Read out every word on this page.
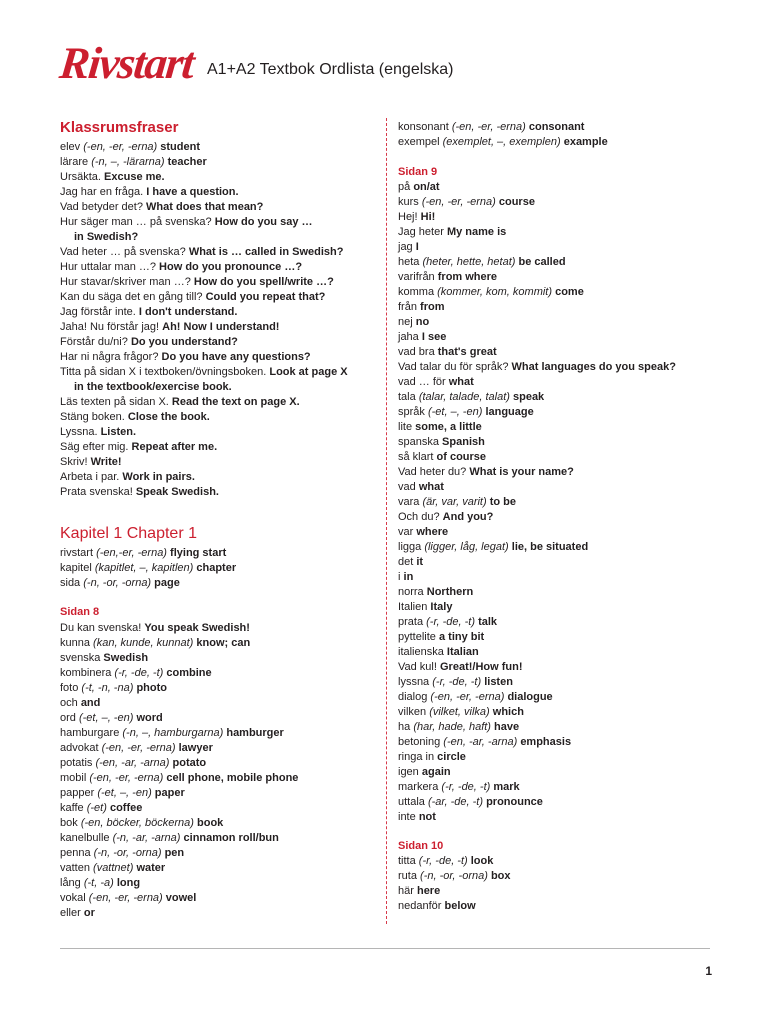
Rivstart A1+A2 Textbok Ordlista (engelska)
Klassrumsfraser
elev (-en, -er, -erna) student
lärare (-n, –, -lärarna) teacher
Ursäkta. Excuse me.
Jag har en fråga. I have a question.
Vad betyder det? What does that mean?
Hur säger man … på svenska? How do you say …
in Swedish?
Vad heter … på svenska? What is … called in Swedish?
Hur uttalar man …? How do you pronounce …?
Hur stavar/skriver man …? How do you spell/write …?
Kan du säga det en gång till? Could you repeat that?
Jag förstår inte. I don't understand.
Jaha! Nu förstår jag! Ah! Now I understand!
Förstår du/ni? Do you understand?
Har ni några frågor? Do you have any questions?
Titta på sidan X i textboken/övningsboken. Look at page X
in the textbook/exercise book.
Läs texten på sidan X. Read the text on page X.
Stäng boken. Close the book.
Lyssna. Listen.
Säg efter mig. Repeat after me.
Skriv! Write!
Arbeta i par. Work in pairs.
Prata svenska! Speak Swedish.
Kapitel 1 Chapter 1
rivstart (-en,-er, -erna) flying start
kapitel (kapitlet, –, kapitlen) chapter
sida (-n, -or, -orna) page
Sidan 8
Du kan svenska! You speak Swedish!
kunna (kan, kunde, kunnat) know; can
svenska Swedish
kombinera (-r, -de, -t) combine
foto (-t, -n, -na) photo
och and
ord (-et, –, -en) word
hamburgare (-n, –, hamburgarna) hamburger
advokat (-en, -er, -erna) lawyer
potatis (-en, -ar, -arna) potato
mobil (-en, -er, -erna) cell phone, mobile phone
papper (-et, –, -en) paper
kaffe (-et) coffee
bok (-en, böcker, böckerna) book
kanelbulle (-n, -ar, -arna) cinnamon roll/bun
penna (-n, -or, -orna) pen
vatten (vattnet) water
lång (-t, -a) long
vokal (-en, -er, -erna) vowel
eller or
konsonant (-en, -er, -erna) consonant
exempel (exemplet, –, exemplen) example
Sidan 9
på on/at
kurs (-en, -er, -erna) course
Hej! Hi!
Jag heter My name is
jag I
heta (heter, hette, hetat) be called
varifrån from where
komma (kommer, kom, kommit) come
från from
nej no
jaha I see
vad bra that's great
Vad talar du för språk? What languages do you speak?
vad … för what
tala (talar, talade, talat) speak
språk (-et, –, -en) language
lite some, a little
spanska Spanish
så klart of course
Vad heter du? What is your name?
vad what
vara (är, var, varit) to be
Och du? And you?
var where
ligga (ligger, låg, legat) lie, be situated
det it
i in
norra Northern
Italien Italy
prata (-r, -de, -t) talk
pyttelite a tiny bit
italienska Italian
Vad kul! Great!/How fun!
lyssna (-r, -de, -t) listen
dialog (-en, -er, -erna) dialogue
vilken (vilket, vilka) which
ha (har, hade, haft) have
betoning (-en, -ar, -arna) emphasis
ringa in circle
igen again
markera (-r, -de, -t) mark
uttala (-ar, -de, -t) pronounce
inte not
Sidan 10
titta (-r, -de, -t) look
ruta (-n, -or, -orna) box
här here
nedanför below
1
